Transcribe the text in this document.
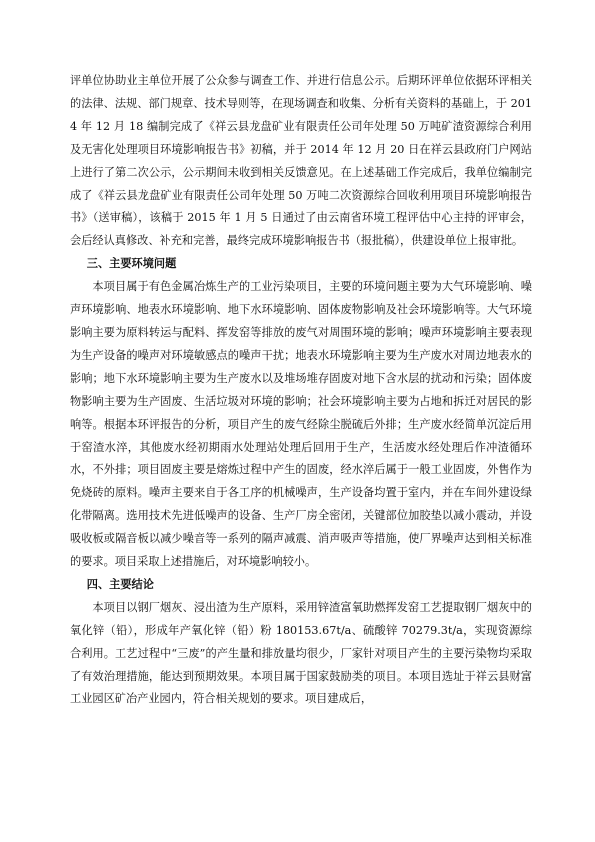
评单位协助业主单位开展了公众参与调查工作、并进行信息公示。后期环评单位依据环评相关的法律、法规、部门规章、技术导则等，在现场调查和收集、分析有关资料的基础上，于 2014 年 12 月 18 编制完成了《祥云县龙盘矿业有限责任公司年处理 50 万吨矿渣资源综合利用及无害化处理项目环境影响报告书》初稿，并于 2014 年 12 月 20 日在祥云县政府门户网站上进行了第二次公示，公示期间未收到相关反馈意见。在上述基础工作完成后，我单位编制完成了《祥云县龙盘矿业有限责任公司年处理 50 万吨二次资源综合回收利用项目环境影响报告书》（送审稿），该稿于 2015 年 1 月 5 日通过了由云南省环境工程评估中心主持的评审会，会后经认真修改、补充和完善，最终完成环境影响报告书（报批稿），供建设单位上报审批。

三、主要环境问题

本项目属于有色金属冶炼生产的工业污染项目，主要的环境问题主要为大气环境影响、噪声环境影响、地表水环境影响、地下水环境影响、固体废物影响及社会环境影响等。大气环境影响主要为原料转运与配料、挥发窑等排放的废气对周围环境的影响；噪声环境影响主要表现为生产设备的噪声对环境敏感点的噪声干扰；地表水环境影响主要为生产废水对周边地表水的影响；地下水环境影响主要为生产废水以及堆场堆存固废对地下含水层的扰动和污染；固体废物影响主要为生产固废、生活垃圾对环境的影响；社会环境影响主要为占地和拆迁对居民的影响等。根据本环评报告的分析，项目产生的废气经除尘脱硫后外排；生产废水经简单沉淀后用于窑渣水淬，其他废水经初期雨水处理站处理后回用于生产，生活废水经处理后作冲渣循环水，不外排；项目固废主要是熔炼过程中产生的固废，经水淬后属于一般工业固废，外售作为免烧砖的原料。噪声主要来自于各工序的机械噪声，生产设备均置于室内，并在车间外建设绿化带隔离。选用技术先进低噪声的设备、生产厂房全密闭，关键部位加胶垫以减小震动，并设吸收板或隔音板以减少噪音等一系列的隔声减震、消声吸声等措施，使厂界噪声达到相关标准的要求。项目采取上述措施后，对环境影响较小。

四、主要结论

本项目以钢厂烟灰、浸出渣为生产原料，采用锌渣富氧助燃挥发窑工艺提取钢厂烟灰中的氧化锌（铅），形成年产氧化锌（铅）粉 180153.67t/a、硫酸锌 70279.3t/a，实现资源综合利用。工艺过程中“三废”的产生量和排放量均很少，厂家针对项目产生的主要污染物均采取了有效治理措施，能达到预期效果。本项目属于国家鼓励类的项目。本项目选址于祥云县财富工业园区矿冶产业园内，符合相关规划的要求。项目建成后，
